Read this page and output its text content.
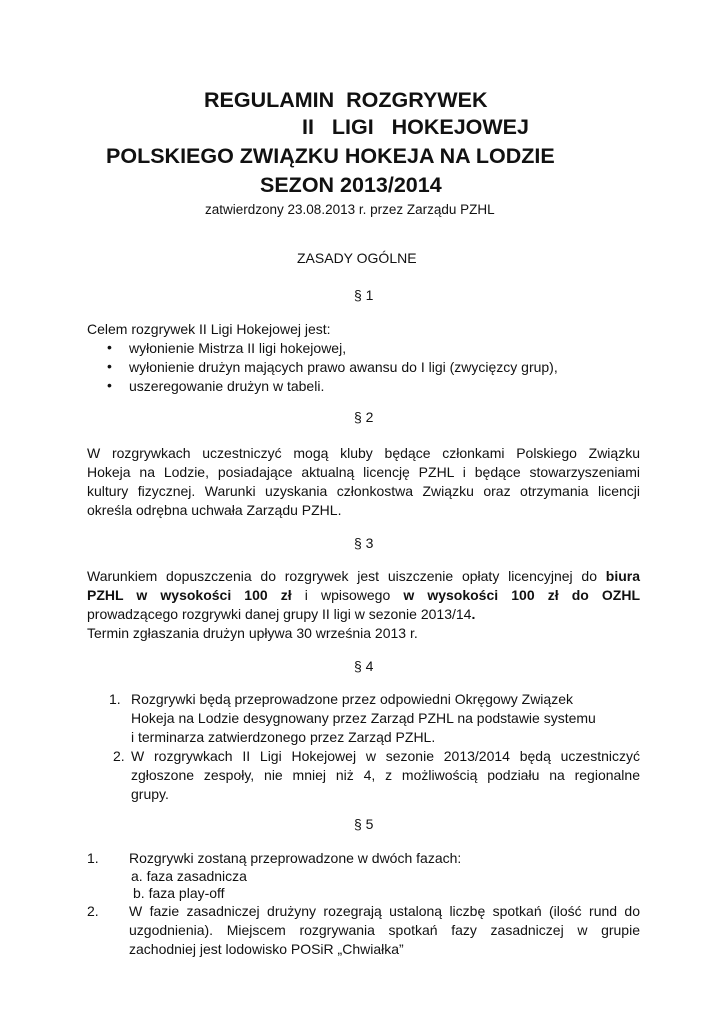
REGULAMIN  ROZGRYWEK
II   LIGI   HOKEJOWEJ
POLSKIEGO ZWIĄZKU HOKEJA NA LODZIE
SEZON 2013/2014
zatwierdzony 23.08.2013 r. przez Zarządu PZHL
ZASADY OGÓLNE
§ 1
Celem rozgrywek II Ligi Hokejowej jest:
• wyłonienie Mistrza II ligi hokejowej,
• wyłonienie drużyn mających prawo awansu do I ligi (zwycięzcy grup),
• uszeregowanie drużyn w tabeli.
§ 2
W rozgrywkach uczestniczyć mogą kluby będące członkami Polskiego Związku
Hokeja na Lodzie, posiadające aktualną licencję PZHL i będące stowarzyszeniami
kultury fizycznej. Warunki uzyskania członkostwa Związku oraz otrzymania licencji
określa odrębna uchwała Zarządu PZHL.
§ 3
Warunkiem dopuszczenia do rozgrywek jest uiszczenie opłaty licencyjnej do biura
PZHL w wysokości 100 zł i wpisowego w wysokości 100 zł do OZHL
prowadzącego rozgrywki danej grupy II ligi w sezonie 2013/14.
Termin zgłaszania drużyn upływa 30 września 2013 r.
§ 4
1. Rozgrywki będą przeprowadzone przez odpowiedni Okręgowy Związek
Hokeja na Lodzie desygnowany przez Zarząd PZHL na podstawie systemu
i terminarza zatwierdzonego przez Zarząd PZHL.
2. W rozgrywkach II Ligi Hokejowej w sezonie 2013/2014 będą uczestniczyć
zgłoszone zespoły, nie mniej niż 4, z możliwością podziału na regionalne
grupy.
§ 5
1. Rozgrywki zostaną przeprowadzone w dwóch fazach:
a. faza zasadnicza
b. faza play-off
2. W fazie zasadniczej drużyny rozegrają ustaloną liczbę spotkań (ilość rund do
uzgodnienia). Miejscem rozgrywania spotkań fazy zasadniczej w grupie
zachodniej jest lodowisko POSiR „Chwiałka”
